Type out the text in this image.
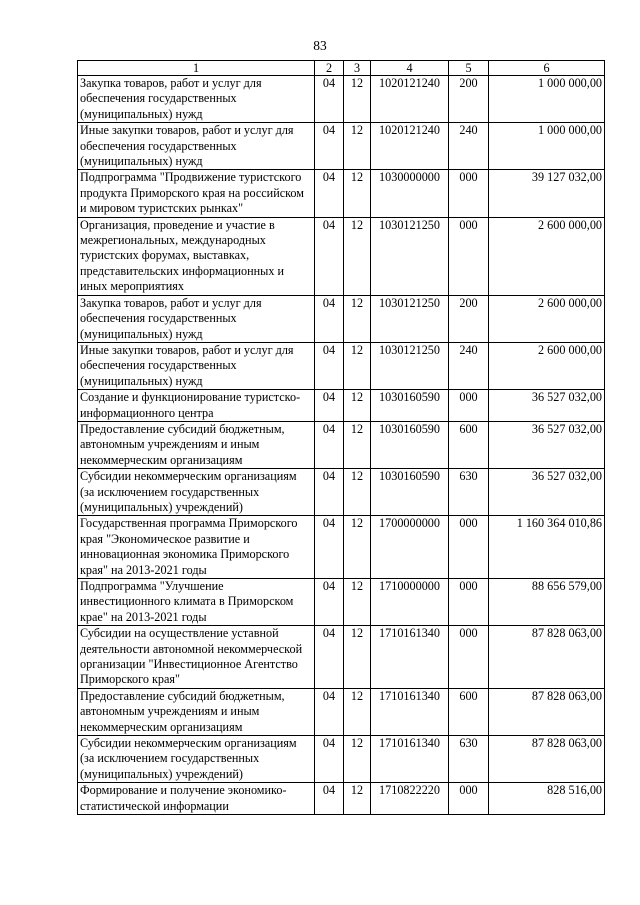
83
1	2	3	4	5	6
Закупка товаров, работ и услуг для обеспечения государственных (муниципальных) нужд	04	12	1020121240	200	1 000 000,00
Иные закупки товаров, работ и услуг для обеспечения государственных (муниципальных) нужд	04	12	1020121240	240	1 000 000,00
Подпрограмма "Продвижение туристского продукта Приморского края на российском и мировом туристских рынках"	04	12	1030000000	000	39 127 032,00
Организация, проведение и участие в межрегиональных, международных туристских форумах, выставках, представительских информационных и иных мероприятиях	04	12	1030121250	000	2 600 000,00
Закупка товаров, работ и услуг для обеспечения государственных (муниципальных) нужд	04	12	1030121250	200	2 600 000,00
Иные закупки товаров, работ и услуг для обеспечения государственных (муниципальных) нужд	04	12	1030121250	240	2 600 000,00
Создание и функционирование туристско-информационного центра	04	12	1030160590	000	36 527 032,00
Предоставление субсидий бюджетным, автономным учреждениям и иным некоммерческим организациям	04	12	1030160590	600	36 527 032,00
Субсидии некоммерческим организациям (за исключением государственных (муниципальных) учреждений)	04	12	1030160590	630	36 527 032,00
Государственная программа Приморского края "Экономическое развитие и инновационная экономика Приморского края" на 2013-2021 годы	04	12	1700000000	000	1 160 364 010,86
Подпрограмма "Улучшение инвестиционного климата в Приморском крае" на 2013-2021 годы	04	12	1710000000	000	88 656 579,00
Субсидии на осуществление уставной деятельности автономной некоммерческой организации "Инвестиционное Агентство Приморского края"	04	12	1710161340	000	87 828 063,00
Предоставление субсидий бюджетным, автономным учреждениям и иным некоммерческим организациям	04	12	1710161340	600	87 828 063,00
Субсидии некоммерческим организациям (за исключением государственных (муниципальных) учреждений)	04	12	1710161340	630	87 828 063,00
Формирование и получение экономико-статистической информации	04	12	1710822220	000	828 516,00
